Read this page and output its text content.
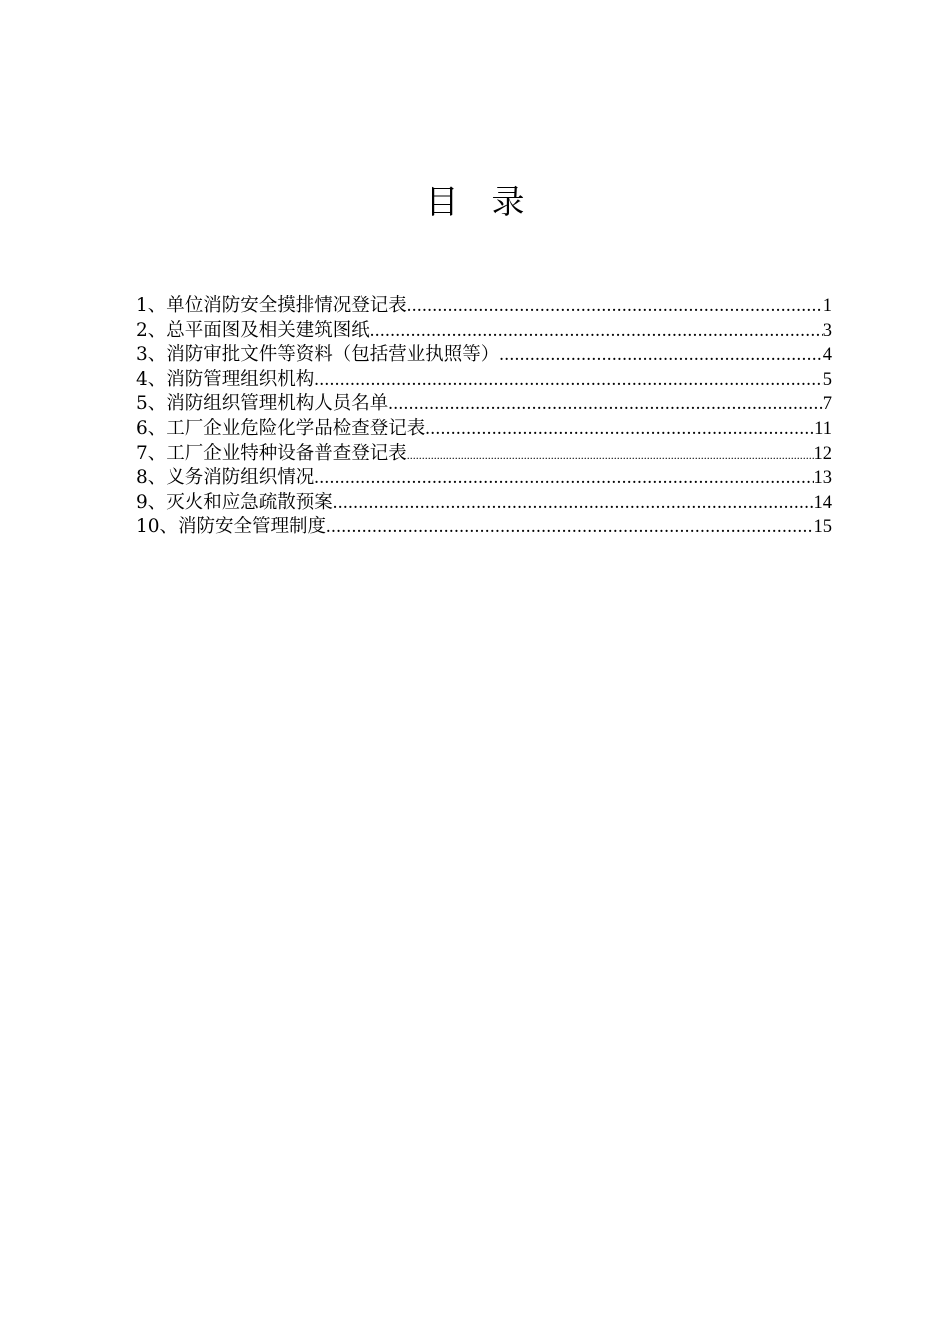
目　录
1、单位消防安全摸排情况登记表 .....	1
2、总平面图及相关建筑图纸 .....	3
3、消防审批文件等资料（包括营业执照等） .....	4
4、消防管理组织机构 .....	5
5、消防组织管理机构人员名单 .....	7
6、工厂企业危险化学品检查登记表 .....	11
7、工厂企业特种设备普查登记表 .....	12
8、义务消防组织情况 .....	13
9、灭火和应急疏散预案 .....	14
10、消防安全管理制度 .....	15
